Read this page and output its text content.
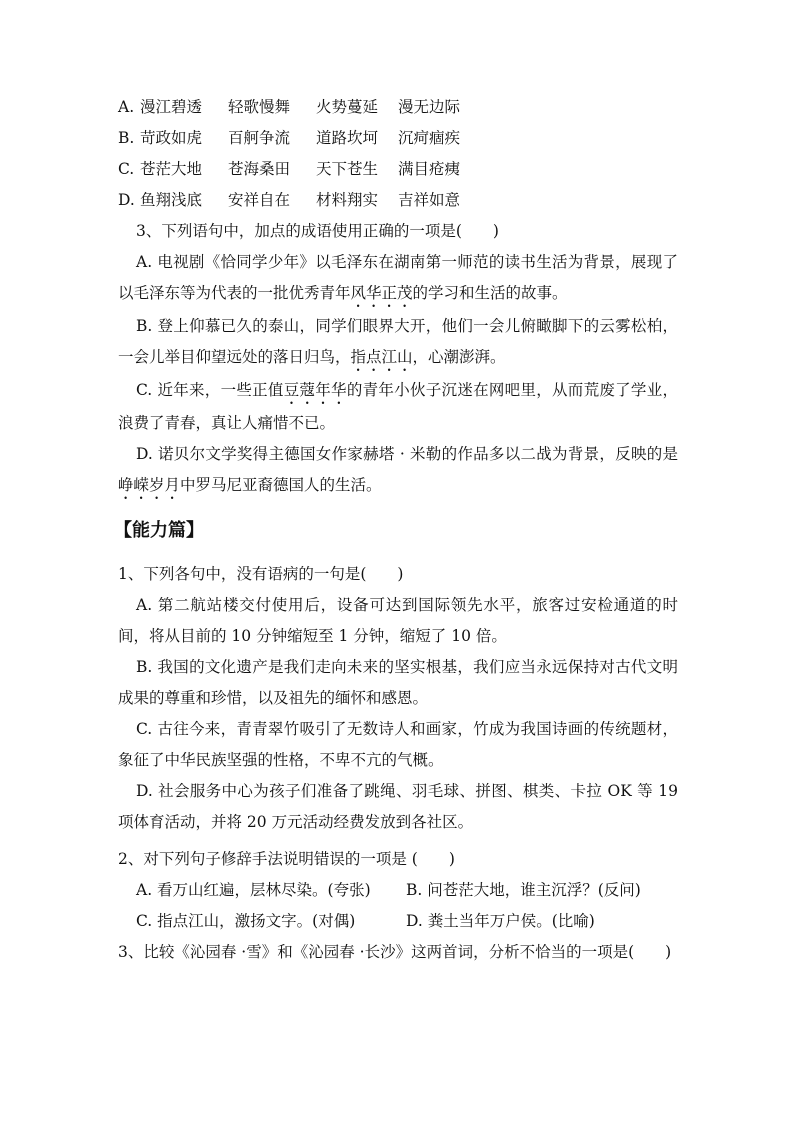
A. 漫江碧透 轻歌慢舞 火势蔓延 漫无边际
B. 苛政如虎 百舸争流 道路坎坷 沉疴痼疾
C. 苍茫大地 苍海桑田 天下苍生 满目疮痍
D. 鱼翔浅底 安祥自在 材料翔实 吉祥如意
3、下列语句中，加点的成语使用正确的一项是(　　)
A. 电视剧《恰同学少年》以毛泽东在湖南第一师范的读书生活为背景，展现了以毛泽东等为代表的一批优秀青年风华正茂的学习和生活的故事。
B. 登上仰慕已久的泰山，同学们眼界大开，他们一会儿俯瞰脚下的云雾松柏，一会儿举目仰望远处的落日归鸟，指点江山，心潮澎湃。
C. 近年来，一些正值豆蔻年华的青年小伙子沉迷在网吧里，从而荒废了学业，浪费了青春，真让人痛惜不已。
D. 诺贝尔文学奖得主德国女作家赫塔 · 米勒的作品多以二战为背景，反映的是峥嵘岁月中罗马尼亚裔德国人的生活。
【能力篇】
1、下列各句中，没有语病的一句是(　　)
A. 第二航站楼交付使用后，设备可达到国际领先水平，旅客过安检通道的时间，将从目前的 10 分钟缩短至 1 分钟，缩短了 10 倍。
B. 我国的文化遗产是我们走向未来的坚实根基，我们应当永远保持对古代文明成果的尊重和珍惜，以及祖先的缅怀和感恩。
C. 古往今来，青青翠竹吸引了无数诗人和画家，竹成为我国诗画的传统题材，象征了中华民族坚强的性格，不卑不亢的气概。
D. 社会服务中心为孩子们准备了跳绳、羽毛球、拼图、棋类、卡拉 OK 等 19 项体育活动，并将 20 万元活动经费发放到各社区。
2、对下列句子修辞手法说明错误的一项是 (　　)
A. 看万山红遍，层林尽染。(夸张) B. 问苍茫大地，谁主沉浮？(反问)
C. 指点江山，激扬文字。(对偶)	D. 粪土当年万户侯。(比喻)
3、比较《沁园春 ·雪》和《沁园春 ·长沙》这两首词，分析不恰当的一项是(　　)
